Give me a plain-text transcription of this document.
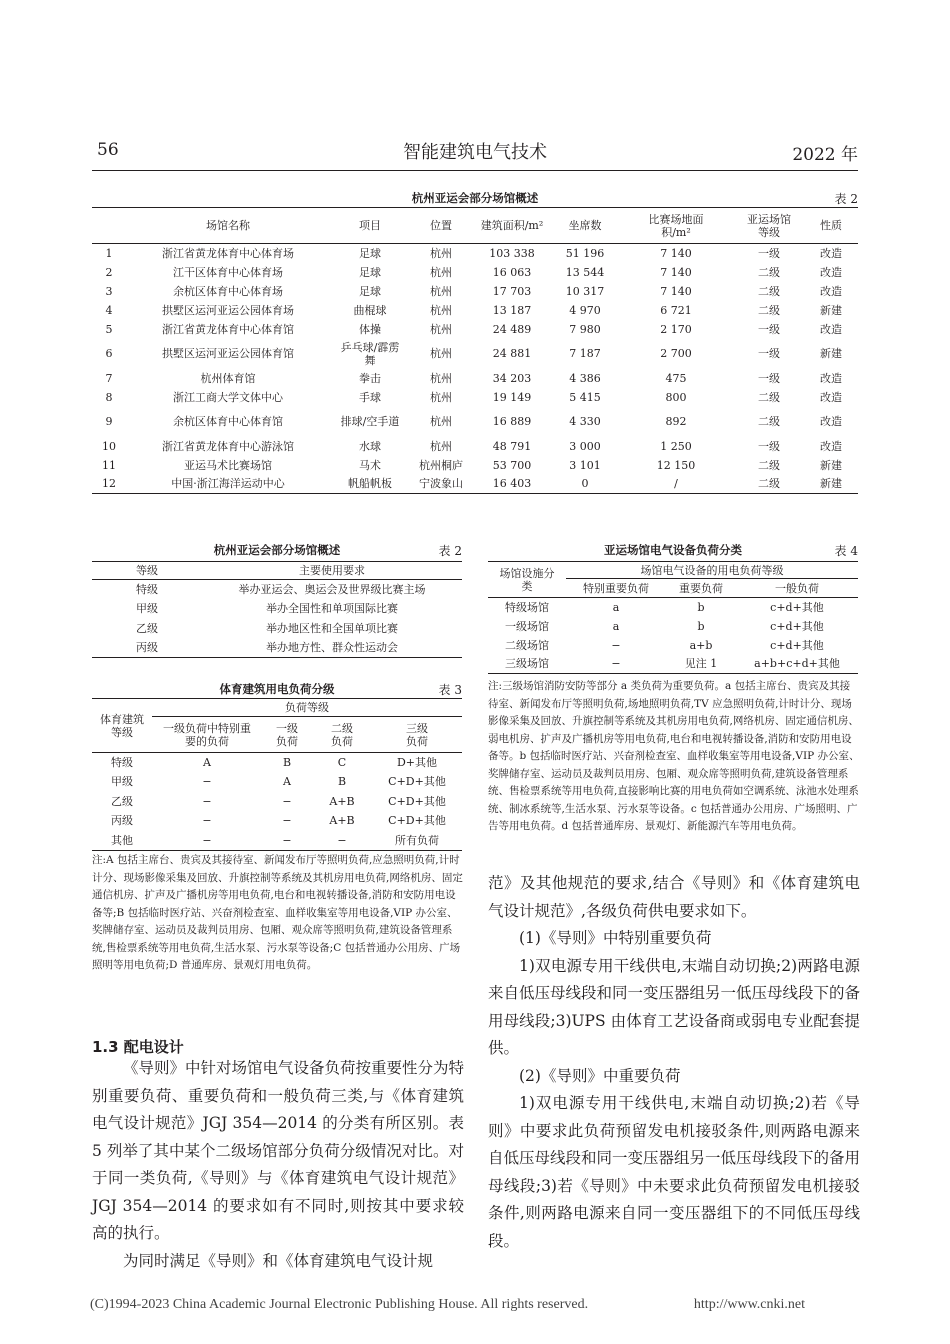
56	智能建筑电气技术	2022 年
杭州亚运会部分场馆概述	表 2
	场馆名称	项目	位置	建筑面积/m²	坐席数	比赛场地面积/m²	亚运场馆等级	性质
1	浙江省黄龙体育中心体育场	足球	杭州	103 338	51 196	7 140	一级	改造
2	江干区体育中心体育场	足球	杭州	16 063	13 544	7 140	二级	改造
3	余杭区体育中心体育场	足球	杭州	17 703	10 317	7 140	二级	改造
4	拱墅区运河亚运公园体育场	曲棍球	杭州	13 187	4 970	6 721	二级	新建
5	浙江省黄龙体育中心体育馆	体操	杭州	24 489	7 980	2 170	一级	改造
6	拱墅区运河亚运公园体育馆	乒乓球/霹雳舞	杭州	24 881	7 187	2 700	一级	新建
7	杭州体育馆	拳击	杭州	34 203	4 386	475	一级	改造
8	浙江工商大学文体中心	手球	杭州	19 149	5 415	800	二级	改造
9	余杭区体育中心体育馆	排球/空手道	杭州	16 889	4 330	892	二级	改造
10	浙江省黄龙体育中心游泳馆	水球	杭州	48 791	3 000	1 250	一级	改造
11	亚运马术比赛场馆	马术	杭州桐庐	53 700	3 101	12 150	二级	新建
12	中国·浙江海洋运动中心	帆船帆板	宁波象山	16 403	0	/	二级	新建
杭州亚运会部分场馆概述	表 2
等级	主要使用要求
特级	举办亚运会、奥运会及世界级比赛主场
甲级	举办全国性和单项国际比赛
乙级	举办地区性和全国单项比赛
丙级	举办地方性、群众性运动会
体育建筑用电负荷分级	表 3
体育建筑等级	负荷等级			
	一级负荷中特别重要的负荷	一级负荷	二级负荷	三级负荷
特级	A	B	C	D+其他
甲级	−	A	B	C+D+其他
乙级	−	−	A+B	C+D+其他
丙级	−	−	A+B	C+D+其他
其他	−	−	−	所有负荷
注:A 包括主席台、贵宾及其接待室、新闻发布厅等照明负荷,应急照明负荷,计时计分、现场影像采集及回放、升旗控制等系统及其机房用电负荷,网络机房、固定通信机房、扩声及广播机房等用电负荷,电台和电视转播设备,消防和安防用电设备等;B 包括临时医疗站、兴奋剂检查室、血样收集室等用电设备,VIP 办公室、奖牌储存室、运动员及裁判员用房、包厢、观众席等照明负荷,建筑设备管理系统,售检票系统等用电负荷,生活水泵、污水泵等设备;C 包括普通办公用房、广场照明等用电负荷;D 普通库房、景观灯用电负荷。
1.3 配电设计

《导则》中针对场馆电气设备负荷按重要性分为特别重要负荷、重要负荷和一般负荷三类,与《体育建筑电气设计规范》JGJ 354—2014 的分类有所区别。表 5 列举了其中某个二级场馆部分负荷分级情况对比。对于同一类负荷,《导则》与《体育建筑电气设计规范》JGJ 354—2014 的要求如有不同时,则按其中要求较高的执行。

为同时满足《导则》和《体育建筑电气设计规

亚运场馆电气设备负荷分类	表 4
场馆设施分类	场馆电气设备的用电负荷等级		
	特别重要负荷	重要负荷	一般负荷
特级场馆	a	b	c+d+其他
一级场馆	a	b	c+d+其他
二级场馆	−	a+b	c+d+其他
三级场馆	−	见注 1	a+b+c+d+其他
注:三级场馆消防安防等部分 a 类负荷为重要负荷。a 包括主席台、贵宾及其接待室、新闻发布厅等照明负荷,场地照明负荷,TV 应急照明负荷,计时计分、现场影像采集及回放、升旗控制等系统及其机房用电负荷,网络机房、固定通信机房、弱电机房、扩声及广播机房等用电负荷,电台和电视转播设备,消防和安防用电设备等。b 包括临时医疗站、兴奋剂检查室、血样收集室等用电设备,VIP 办公室、奖牌储存室、运动员及裁判员用房、包厢、观众席等照明负荷,建筑设备管理系统、售检票系统等用电负荷,直接影响比赛的用电负荷如空调系统、泳池水处理系统、制冰系统等,生活水泵、污水泵等设备。c 包括普通办公用房、广场照明、广告等用电负荷。d 包括普通库房、景观灯、新能源汽车等用电负荷。

范》及其他规范的要求,结合《导则》和《体育建筑电气设计规范》,各级负荷供电要求如下。

(1)《导则》中特别重要负荷

1)双电源专用干线供电,末端自动切换;2)两路电源来自低压母线段和同一变压器组另一低压母线段下的备用母线段;3)UPS 由体育工艺设备商或弱电专业配套提供。

(2)《导则》中重要负荷

1)双电源专用干线供电,末端自动切换;2)若《导则》中要求此负荷预留发电机接驳条件,则两路电源来自低压母线段和同一变压器组另一低压母线段下的备用母线段;3)若《导则》中未要求此负荷预留发电机接驳条件,则两路电源来自同一变压器组下的不同低压母线段。

(C)1994-2023 China Academic Journal Electronic Publishing House. All rights reserved.	http://www.cnki.net
